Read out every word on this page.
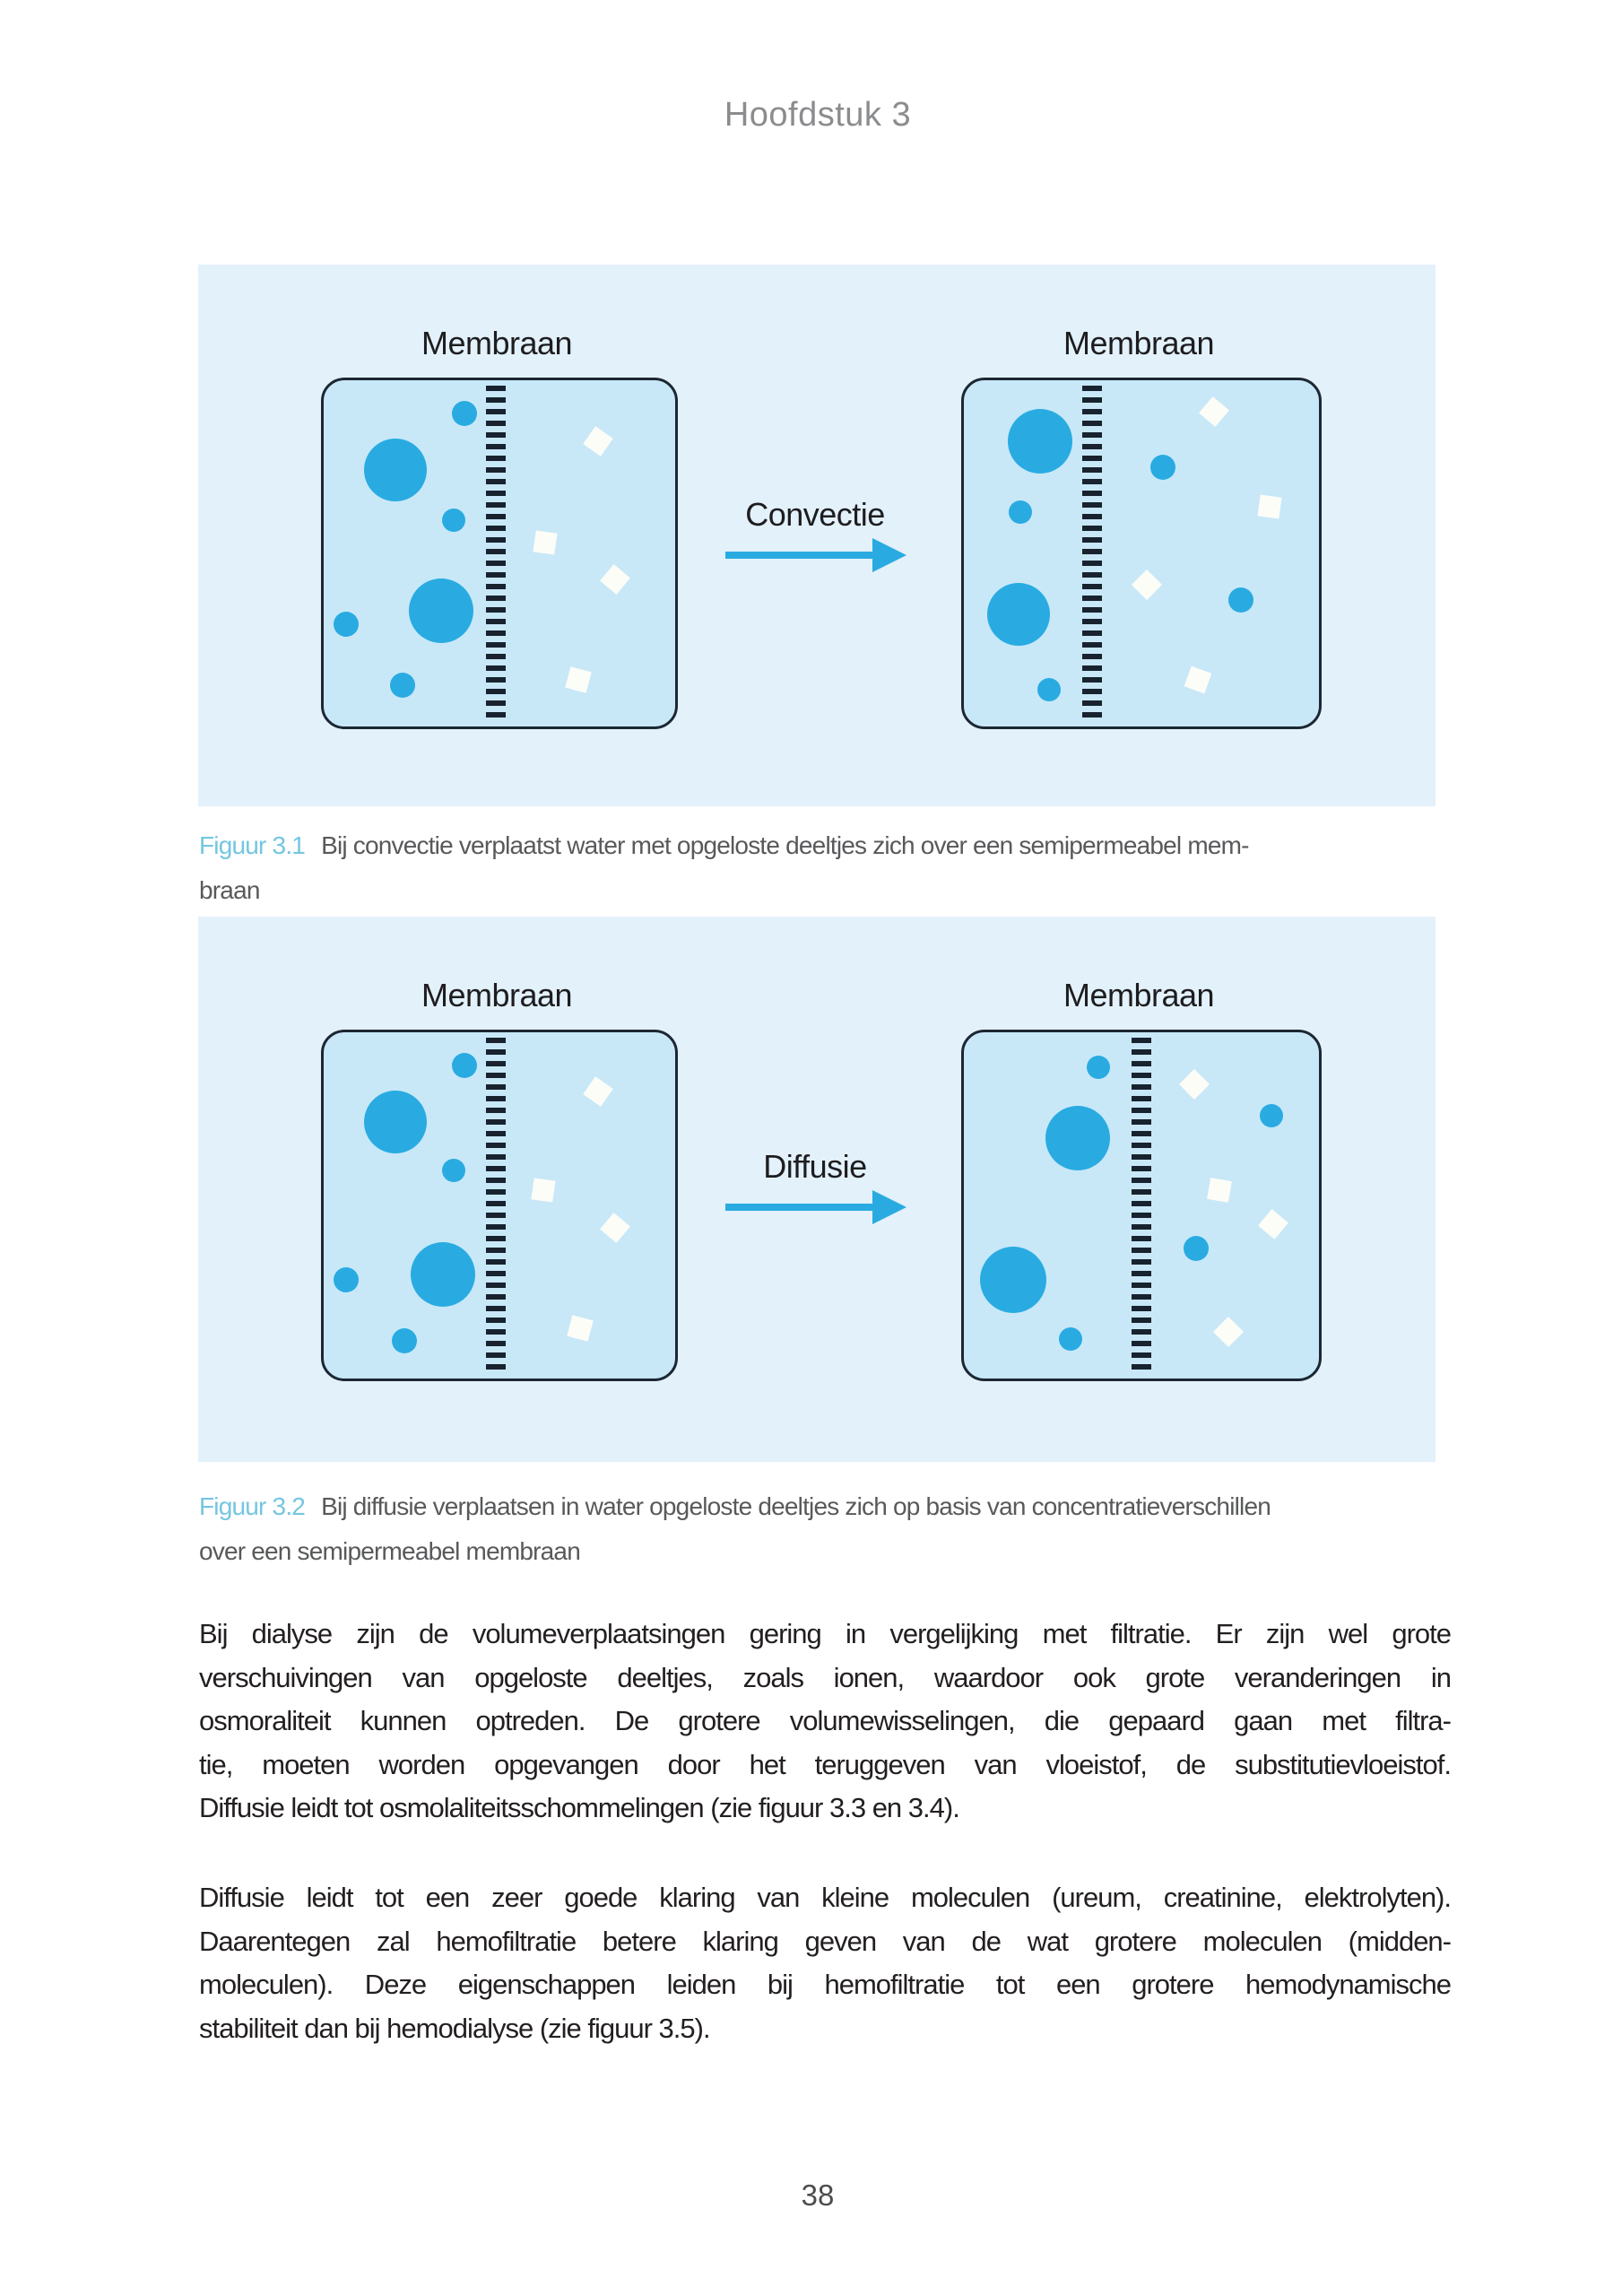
Hoofdstuk 3
Membraan	Membraan
Convectie
Figuur 3.1 Bij convectie verplaatst water met opgeloste deeltjes zich over een semipermeabel mem-
braan
Membraan	Membraan
Diffusie
Figuur 3.2 Bij diffusie verplaatsen in water opgeloste deeltjes zich op basis van concentratieverschillen
over een semipermeabel membraan
Bij dialyse zijn de volumeverplaatsingen gering in vergelijking met filtratie. Er zijn wel grote
verschuivingen van opgeloste deeltjes, zoals ionen, waardoor ook grote veranderingen in
osmoraliteit kunnen optreden. De grotere volumewisselingen, die gepaard gaan met filtra-
tie, moeten worden opgevangen door het teruggeven van vloeistof, de substitutievloeistof.
Diffusie leidt tot osmolaliteitsschommelingen (zie figuur 3.3 en 3.4).
Diffusie leidt tot een zeer goede klaring van kleine moleculen (ureum, creatinine, elektrolyten).
Daarentegen zal hemofiltratie betere klaring geven van de wat grotere moleculen (midden-
moleculen). Deze eigenschappen leiden bij hemofiltratie tot een grotere hemodynamische
stabiliteit dan bij hemodialyse (zie figuur 3.5).
38
